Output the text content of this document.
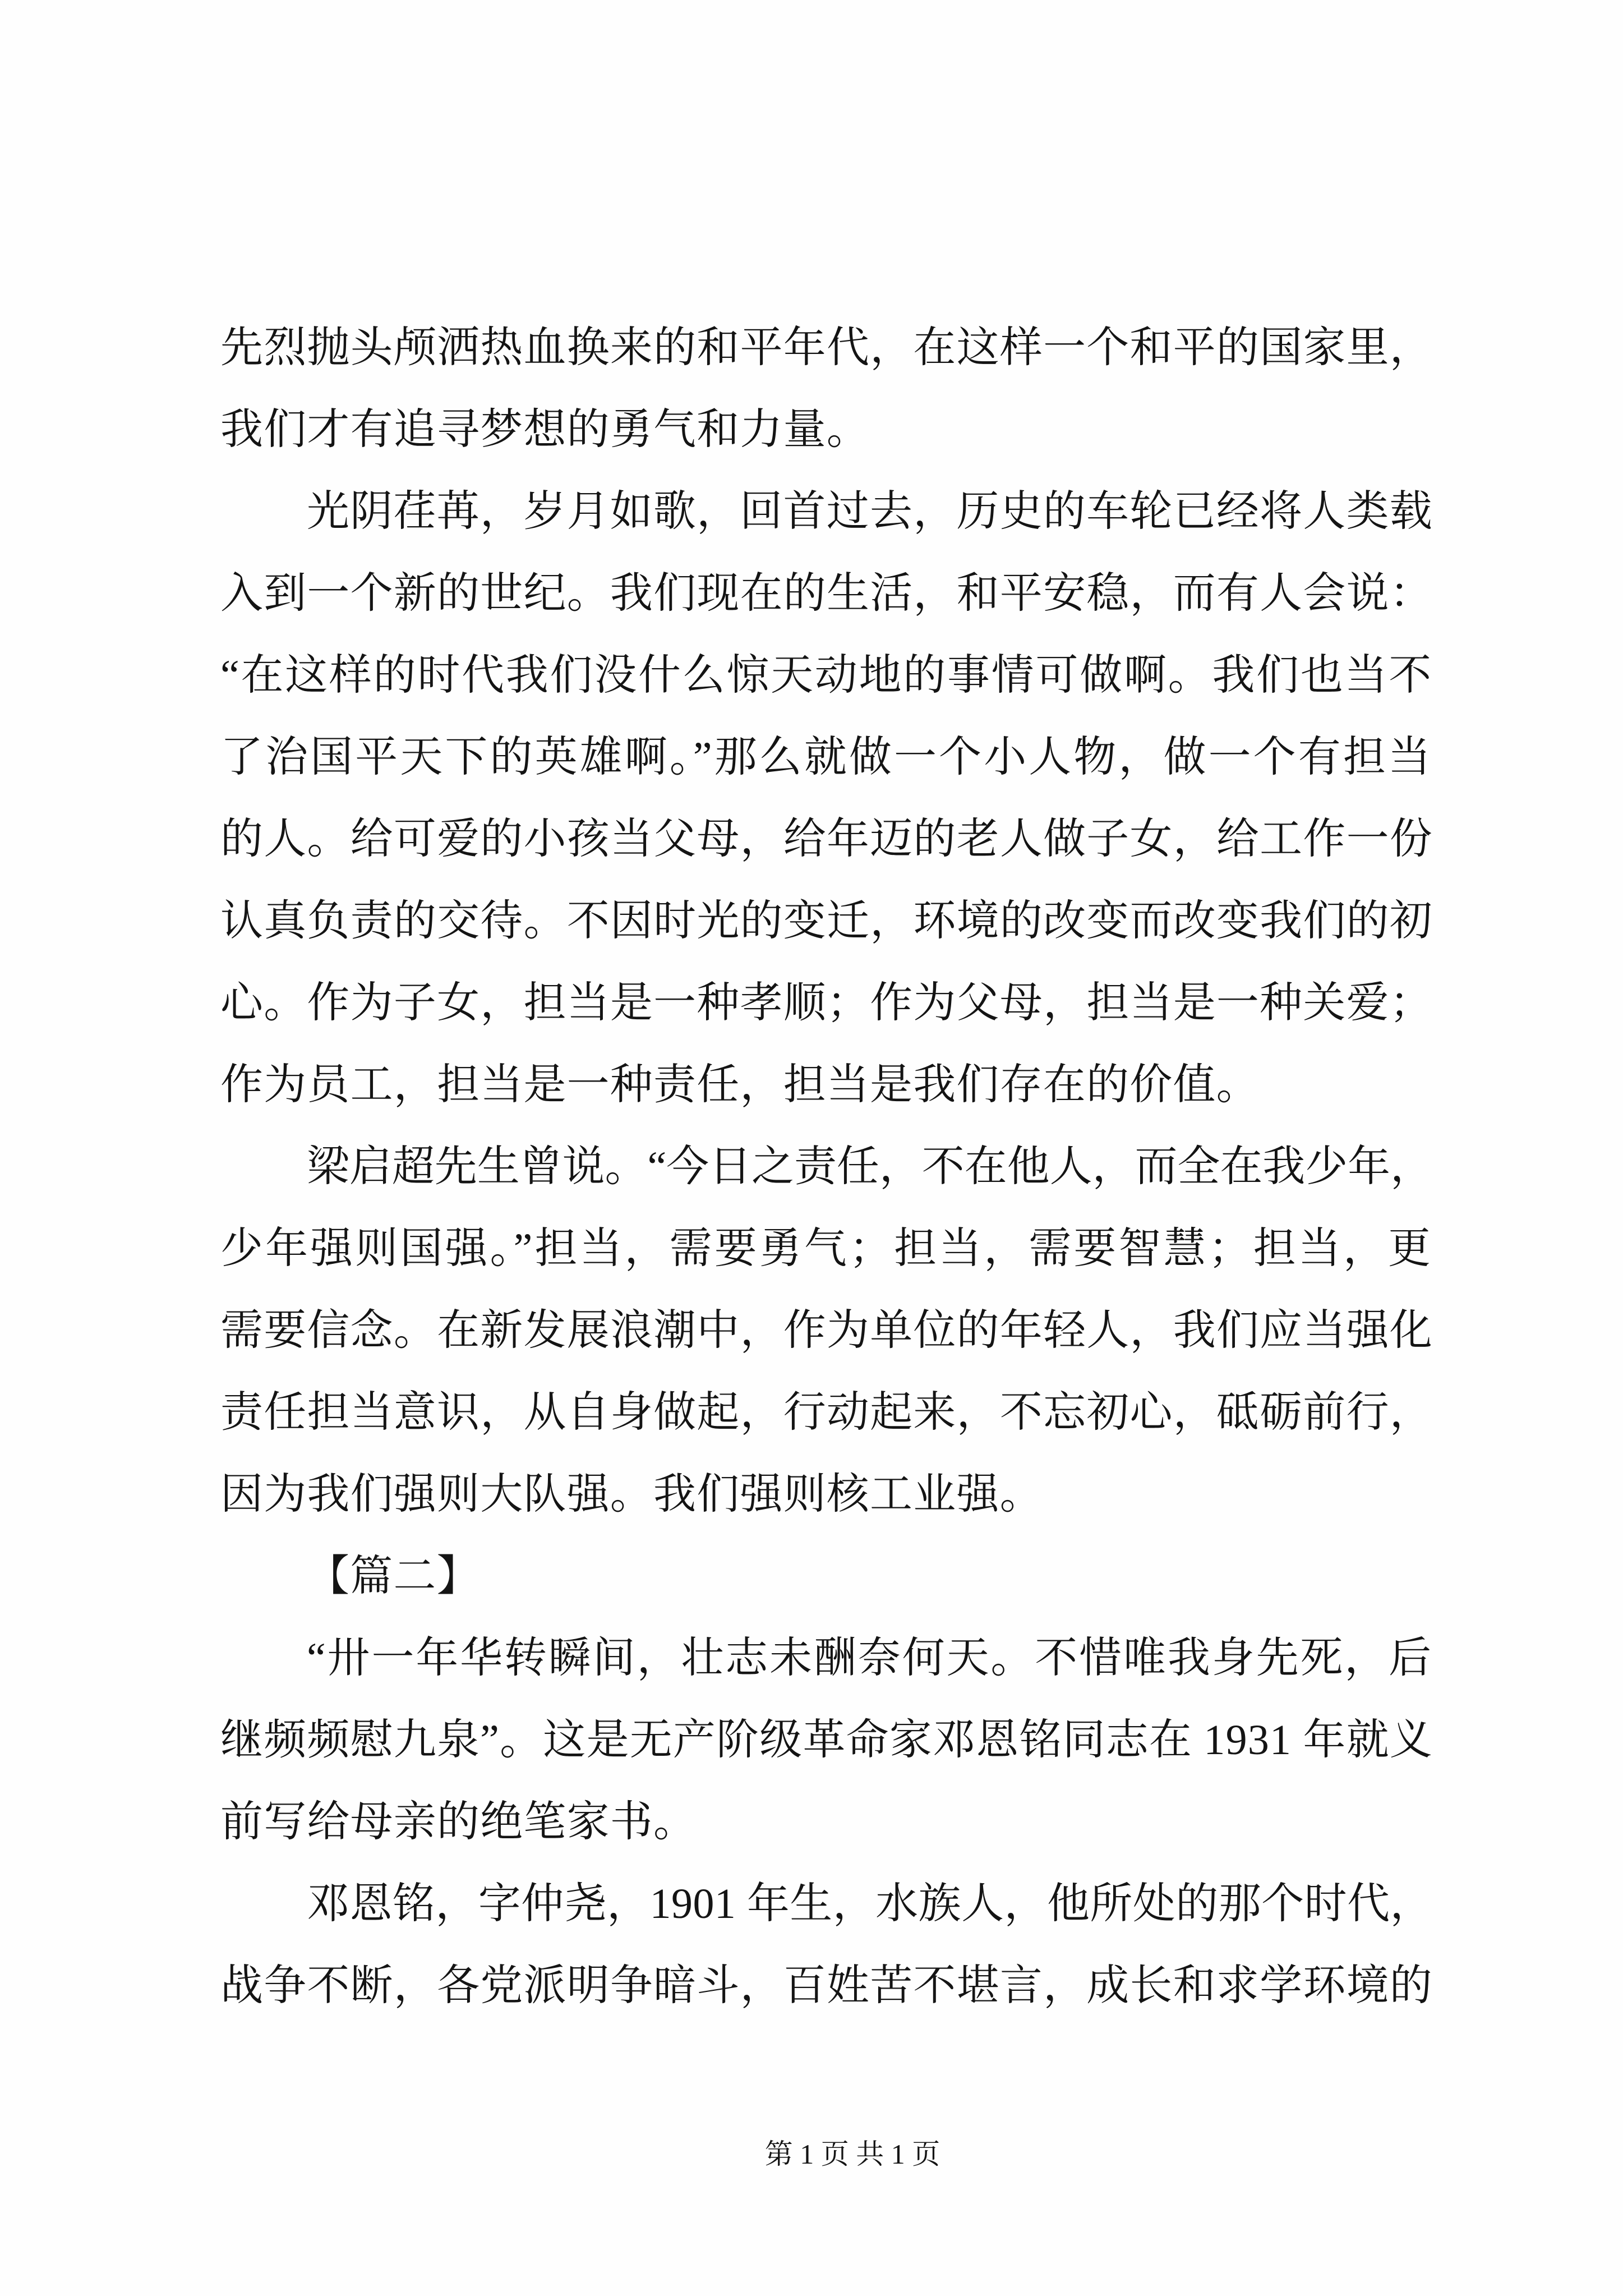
先烈抛头颅洒热血换来的和平年代，在这样一个和平的国家里，
我们才有追寻梦想的勇气和力量。
光阴荏苒，岁月如歌，回首过去，历史的车轮已经将人类载
入到一个新的世纪。我们现在的生活，和平安稳，而有人会说：
“在这样的时代我们没什么惊天动地的事情可做啊。我们也当不
了治国平天下的英雄啊。”那么就做一个小人物，做一个有担当
的人。给可爱的小孩当父母，给年迈的老人做子女，给工作一份
认真负责的交待。不因时光的变迁，环境的改变而改变我们的初
心。作为子女，担当是一种孝顺；作为父母，担当是一种关爱；
作为员工，担当是一种责任，担当是我们存在的价值。
梁启超先生曾说。“今日之责任，不在他人，而全在我少年，
少年强则国强。”担当，需要勇气；担当，需要智慧；担当，更
需要信念。在新发展浪潮中，作为单位的年轻人，我们应当强化
责任担当意识，从自身做起，行动起来，不忘初心，砥砺前行，
因为我们强则大队强。我们强则核工业强。
【篇二】
“卅一年华转瞬间，壮志未酬奈何天。不惜唯我身先死，后
继频频慰九泉”。这是无产阶级革命家邓恩铭同志在 1931 年就义
前写给母亲的绝笔家书。
邓恩铭，字仲尧，1901 年生，水族人，他所处的那个时代，
战争不断，各党派明争暗斗，百姓苦不堪言，成长和求学环境的
第 1 页 共 1 页
